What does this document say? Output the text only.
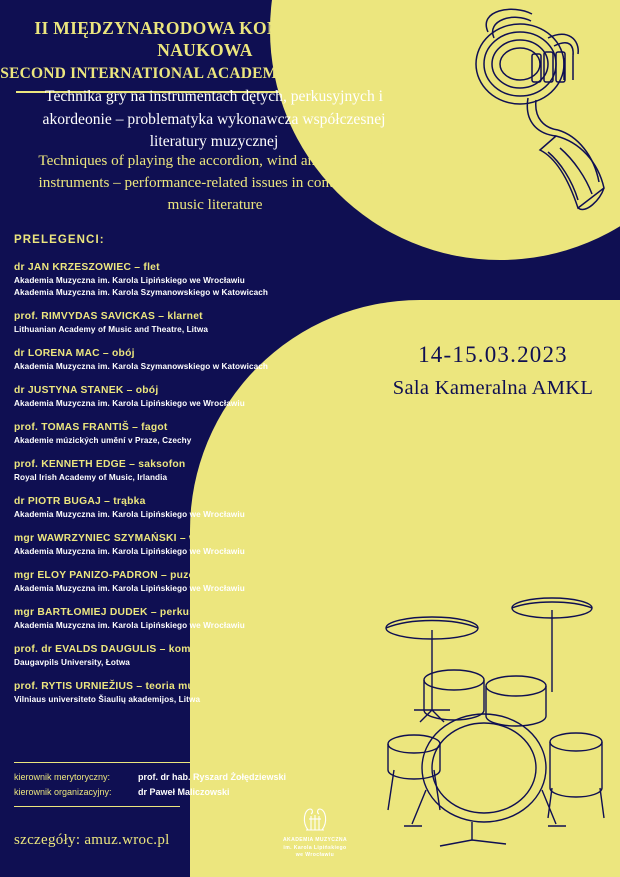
II MIĘDZYNARODOWA KONFERENCJA NAUKOWA
SECOND INTERNATIONAL ACADEMIC CONFERENCE
Technika gry na instrumentach dętych, perkusyjnych i akordeonie – problematyka wykonawcza współczesnej literatury muzycznej
Techniques of playing the accordion, wind and percussion instruments – performance-related issues in contemporary music literature
PRELEGENCI:
dr JAN KRZESZOWIEC – flet
Akademia Muzyczna im. Karola Lipińskiego we Wrocławiu
Akademia Muzyczna im. Karola Szymanowskiego w Katowicach
prof. RIMVYDAS SAVICKAS – klarnet
Lithuanian Academy of Music and Theatre, Litwa
dr LORENA MAC – obój
Akademia Muzyczna im. Karola Szymanowskiego w Katowicach
dr JUSTYNA STANEK – obój
Akademia Muzyczna im. Karola Lipińskiego we Wrocławiu
prof. TOMAS FRANTIŠ – fagot
Akademie múzických umění v Praze, Czechy
prof. KENNETH EDGE – saksofon
Royal Irish Academy of Music, Irlandia
dr PIOTR BUGAJ – trąbka
Akademia Muzyczna im. Karola Lipińskiego we Wrocławiu
mgr WAWRZYNIEC SZYMAŃSKI – waltornia
Akademia Muzyczna im. Karola Lipińskiego we Wrocławiu
mgr ELOY PANIZO-PADRON – puzon
Akademia Muzyczna im. Karola Lipińskiego we Wrocławiu
mgr BARTŁOMIEJ DUDEK – perkusja
Akademia Muzyczna im. Karola Lipińskiego we Wrocławiu
prof. dr EVALDS DAUGULIS – kompozycja
Daugavpils University, Łotwa
prof. RYTIS URNIEŽIUS – teoria muzyki
Vilniaus universiteto Šiaulių akademijos, Litwa
14-15.03.2023
Sala Kameralna AMKL
kierownik merytoryczny:	prof. dr hab. Ryszard Żołędziewski
kierownik organizacyjny:	dr Paweł Maliczowski
szczegóły: amuz.wroc.pl	AKADEMIA MUZYCZNA
im. Karola Lipińskiego
we Wrocławiu
